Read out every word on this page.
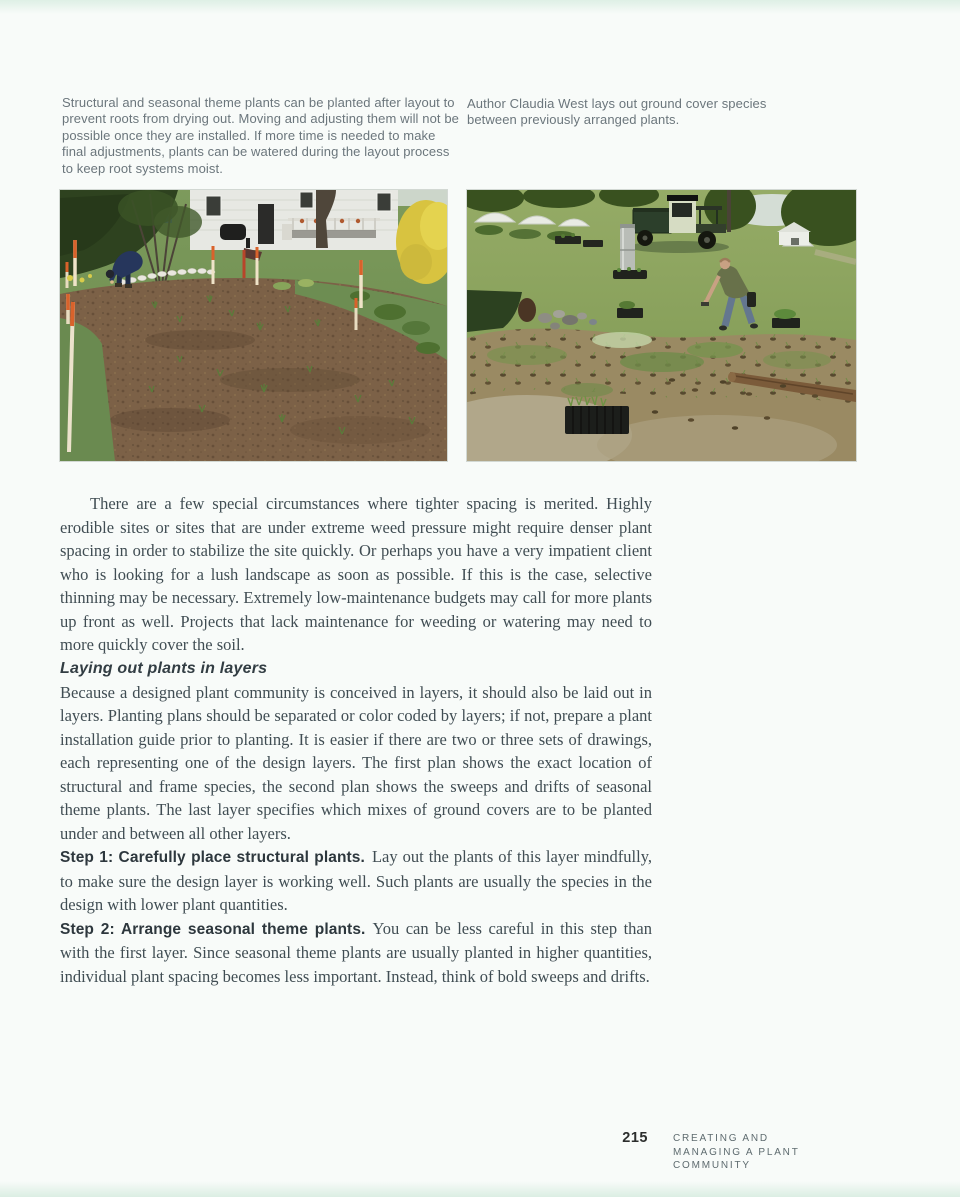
Structural and seasonal theme plants can be planted after layout to prevent roots from drying out. Moving and adjusting them will not be possible once they are installed. If more time is needed to make final adjustments, plants can be watered during the layout process to keep root systems moist.
Author Claudia West lays out ground cover species between previously arranged plants.

There are a few special circumstances where tighter spacing is merited. Highly erodible sites or sites that are under extreme weed pressure might require denser plant spacing in order to stabilize the site quickly. Or perhaps you have a very impatient client who is looking for a lush landscape as soon as possible. If this is the case, selective thinning may be necessary. Extremely low-maintenance budgets may call for more plants up front as well. Projects that lack maintenance for weeding or watering may need to more quickly cover the soil.

Laying out plants in layers

Because a designed plant community is conceived in layers, it should also be laid out in layers. Planting plans should be separated or color coded by layers; if not, prepare a plant installation guide prior to planting. It is easier if there are two or three sets of drawings, each representing one of the design layers. The first plan shows the exact location of structural and frame species, the second plan shows the sweeps and drifts of seasonal theme plants. The last layer specifies which mixes of ground covers are to be planted under and between all other layers.

Step 1: Carefully place structural plants. Lay out the plants of this layer mindfully, to make sure the design layer is working well. Such plants are usually the species in the design with lower plant quantities.

Step 2: Arrange seasonal theme plants. You can be less careful in this step than with the first layer. Since seasonal theme plants are usually planted in higher quantities, individual plant spacing becomes less important. Instead, think of bold sweeps and drifts.

215	CREATING AND
MANAGING A PLANT
COMMUNITY
